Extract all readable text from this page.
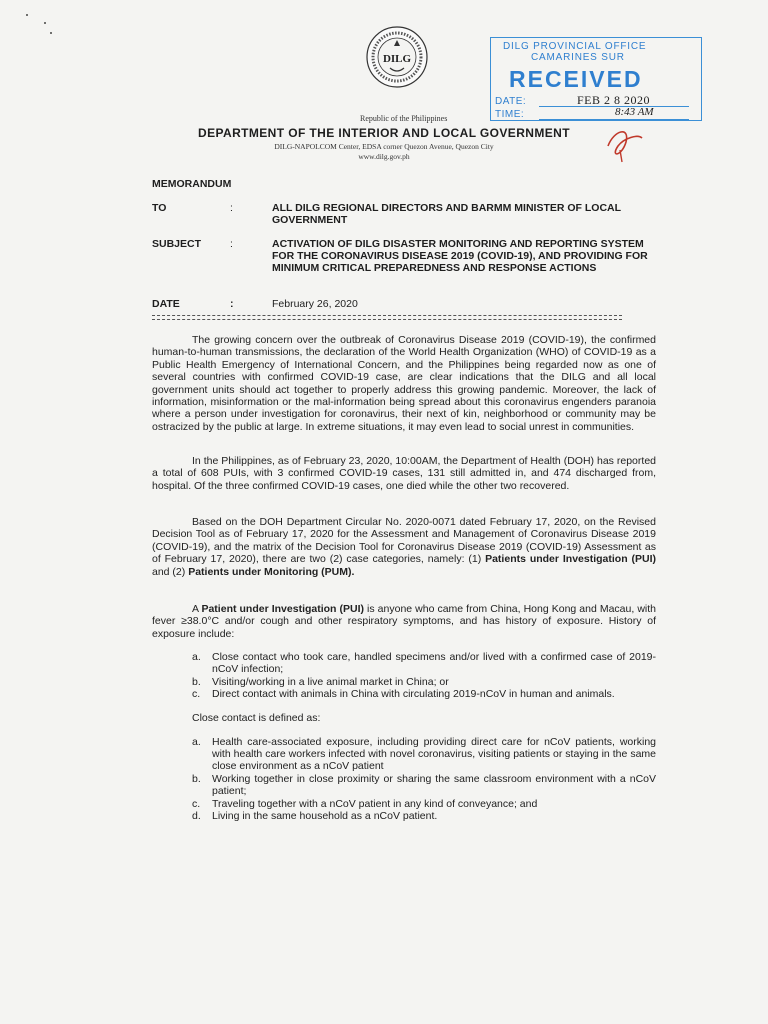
DILG
Republic of the Philippines
DEPARTMENT OF THE INTERIOR AND LOCAL GOVERNMENT
DILG-NAPOLCOM Center, EDSA corner Quezon Avenue, Quezon City
www.dilg.gov.ph
DILG PROVINCIAL OFFICE
CAMARINES SUR
RECEIVED
DATE:	FEB 2 8 2020
TIME:	8:43 AM
MEMORANDUM
TO	:	ALL DILG REGIONAL DIRECTORS AND BARMM MINISTER OF LOCAL GOVERNMENT
SUBJECT	:	ACTIVATION OF DILG DISASTER MONITORING AND REPORTING SYSTEM FOR THE CORONAVIRUS DISEASE 2019 (COVID-19), AND PROVIDING FOR MINIMUM CRITICAL PREPAREDNESS AND RESPONSE ACTIONS
DATE	:	February 26, 2020

The growing concern over the outbreak of Coronavirus Disease 2019 (COVID-19), the confirmed human-to-human transmissions, the declaration of the World Health Organization (WHO) of COVID-19 as a Public Health Emergency of International Concern, and the Philippines being regarded now as one of several countries with confirmed COVID-19 case, are clear indications that the DILG and all local government units should act together to properly address this growing pandemic. Moreover, the lack of information, misinformation or the mal-information being spread about this coronavirus engenders paranoia where a person under investigation for coronavirus, their next of kin, neighborhood or community may be ostracized by the public at large. In extreme situations, it may even lead to social unrest in communities.

In the Philippines, as of February 23, 2020, 10:00AM, the Department of Health (DOH) has reported a total of 608 PUIs, with 3 confirmed COVID-19 cases, 131 still admitted in, and 474 discharged from, hospital. Of the three confirmed COVID-19 cases, one died while the other two recovered.

Based on the DOH Department Circular No. 2020-0071 dated February 17, 2020, on the Revised Decision Tool as of February 17, 2020 for the Assessment and Management of Coronavirus Disease 2019 (COVID-19), and the matrix of the Decision Tool for Coronavirus Disease 2019 (COVID-19) Assessment as of February 17, 2020), there are two (2) case categories, namely: (1) Patients under Investigation (PUI) and (2) Patients under Monitoring (PUM).

A Patient under Investigation (PUI) is anyone who came from China, Hong Kong and Macau, with fever ≥38.0°C and/or cough and other respiratory symptoms, and has history of exposure. History of exposure include:

a.	Close contact who took care, handled specimens and/or lived with a confirmed case of 2019-nCoV infection;
b.	Visiting/working in a live animal market in China; or
c.	Direct contact with animals in China with circulating 2019-nCoV in human and animals.
Close contact is defined as:
a.	Health care-associated exposure, including providing direct care for nCoV patients, working with health care workers infected with novel coronavirus, visiting patients or staying in the same close environment as a nCoV patient
b.	Working together in close proximity or sharing the same classroom environment with a nCoV patient;
c.	Traveling together with a nCoV patient in any kind of conveyance; and
d.	Living in the same household as a nCoV patient.
